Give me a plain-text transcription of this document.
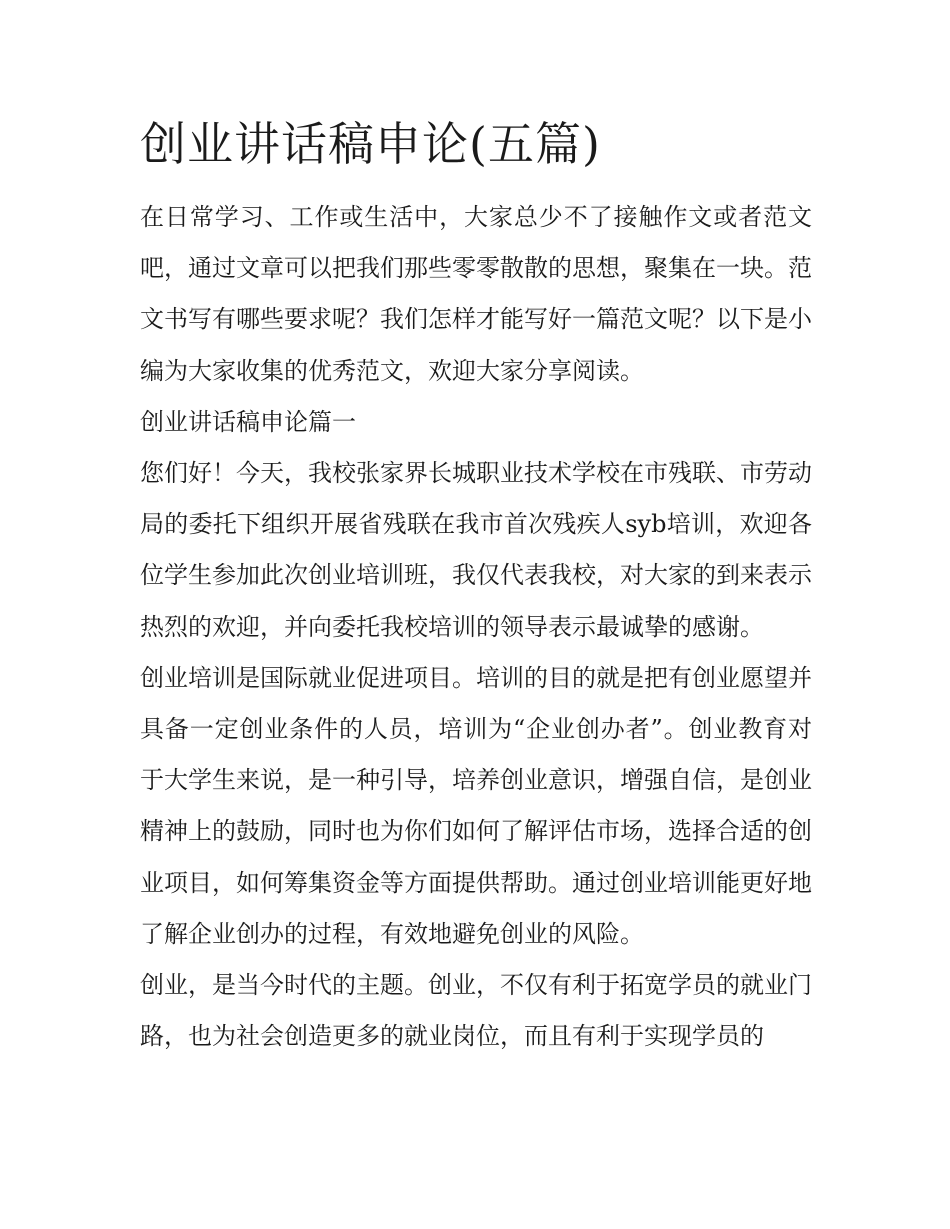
创业讲话稿申论(五篇)

在日常学习、工作或生活中，大家总少不了接触作文或者范文吧，通过文章可以把我们那些零零散散的思想，聚集在一块。范文书写有哪些要求呢？我们怎样才能写好一篇范文呢？以下是小编为大家收集的优秀范文，欢迎大家分享阅读。

创业讲话稿申论篇一

您们好！今天，我校张家界长城职业技术学校在市残联、市劳动局的委托下组织开展省残联在我市首次残疾人syb培训，欢迎各位学生参加此次创业培训班，我仅代表我校，对大家的到来表示热烈的欢迎，并向委托我校培训的领导表示最诚挚的感谢。

创业培训是国际就业促进项目。培训的目的就是把有创业愿望并具备一定创业条件的人员，培训为“企业创办者”。创业教育对于大学生来说，是一种引导，培养创业意识，增强自信，是创业精神上的鼓励，同时也为你们如何了解评估市场，选择合适的创业项目，如何筹集资金等方面提供帮助。通过创业培训能更好地了解企业创办的过程，有效地避免创业的风险。

创业，是当今时代的主题。创业，不仅有利于拓宽学员的就业门路，也为社会创造更多的就业岗位，而且有利于实现学员的
